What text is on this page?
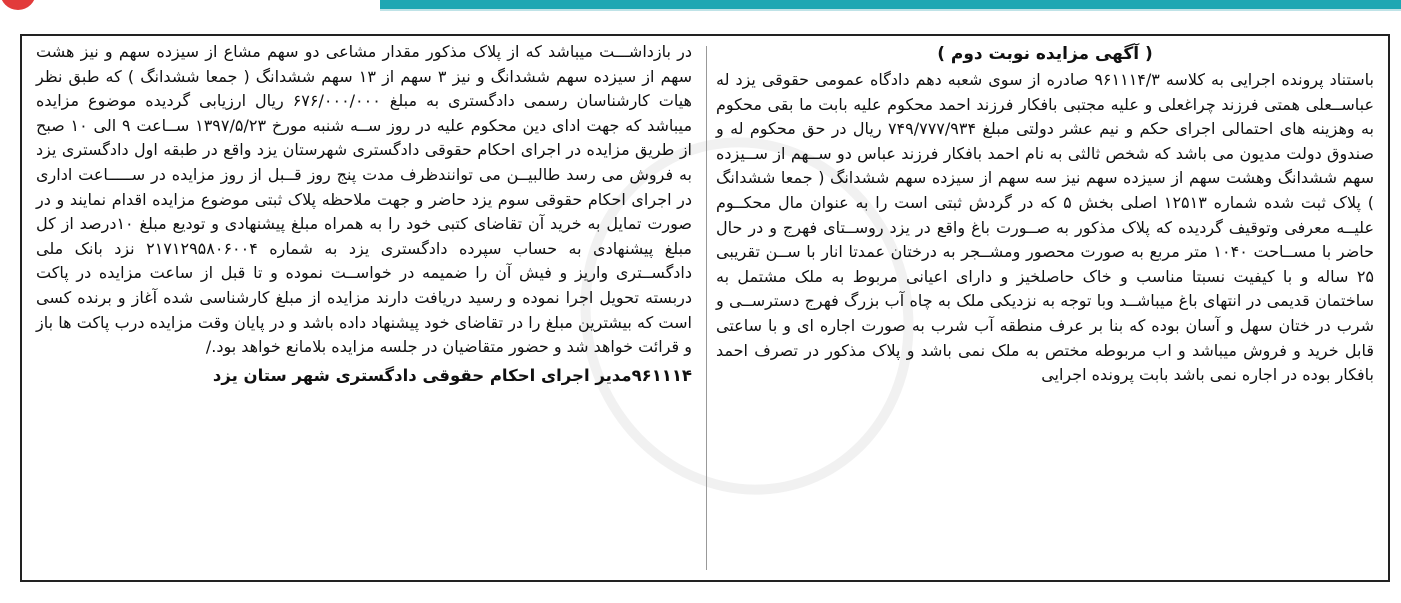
( آگهی مزایده نوبت دوم )

باستناد پرونده اجرایی به کلاسه ۹۶۱۱۱۴/۳ صادره از سوی شعبه دهم دادگاه عمومی حقوقی یزد له عباســعلی همتی فرزند چراغعلی و علیه مجتبی بافکار فرزند احمد محکوم علیه بابت ما بقی محکوم به وهزینه های احتمالی اجرای حکم و نیم عشر دولتی مبلغ ۷۴۹/۷۷۷/۹۳۴ ریال در حق محکوم له و صندوق دولت مدیون می باشد که شخص ثالثی به نام احمد بافکار فرزند عباس دو ســهم از ســیزده سهم ششدانگ وهشت سهم از سیزده سهم نیز سه سهم از سیزده سهم ششدانگ ( جمعا ششدانگ ) پلاک ثبت شده شماره ۱۲۵۱۳ اصلی بخش ۵ که در گردش ثبتی است را به عنوان مال محکــوم علیــه معرفی وتوقیف گردیده که پلاک مذکور به صــورت باغ واقع در یزد روســتای فهرج و در حال حاضر با مســاحت ۱۰۴۰ متر مربع به صورت محصور ومشــجر به درختان عمدتا انار با ســن تقریبی ۲۵ ساله و با کیفیت نسبتا مناسب و خاک حاصلخیز و دارای اعیانی مربوط به ملک مشتمل به ساختمان قدیمی در انتهای باغ میباشــد وبا توجه به نزدیکی ملک به چاه آب بزرگ فهرج دسترســی و شرب در ختان سهل و آسان بوده که بنا بر عرف منطقه آب شرب به صورت اجاره ای و با ساعتی قابل خرید و فروش میباشد و اب مربوطه مختص به ملک نمی باشد و پلاک مذکور در تصرف احمد بافکار بوده در اجاره نمی باشد بابت پرونده اجرایی

در بازداشـــت میباشد که از پلاک مذکور مقدار مشاعی دو سهم مشاع از سیزده سهم و نیز هشت سهم از سیزده سهم ششدانگ و نیز ۳ سهم از ۱۳ سهم ششدانگ ( جمعا ششدانگ ) که طبق نظر هیات کارشناسان رسمی دادگستری به مبلغ ۶۷۶/۰۰۰/۰۰۰ ریال ارزیابی گردیده موضوع مزایده میباشد که جهت ادای دین محکوم علیه در روز ســه شنبه مورخ ۱۳۹۷/۵/۲۳ ســاعت ۹ الی ۱۰ صبح از طریق مزایده در اجرای احکام حقوقی دادگستری شهرستان یزد واقع در طبقه اول دادگستری یزد به فروش می رسد طالبیــن می توانندظرف مدت پنج روز قــبل از روز مزایده در ســـــاعت اداری در اجرای احکام حقوقی سوم یزد حاضر و جهت ملاحظه پلاک ثبتی موضوع مزایده اقدام نمایند و در صورت تمایل به خرید آن تقاضای کتبی خود را به همراه مبلغ پیشنهادی و توديع مبلغ ۱۰درصد از کل مبلغ پیشنهادی به حساب سپرده دادگستری یزد به شماره ۲۱۷۱۲۹۵۸۰۶۰۰۴ نزد بانک ملی دادگســتری واریز و فیش آن را ضمیمه در خواســت نموده و تا قبل از ساعت مزایده در پاکت دربسته تحویل اجرا نموده و رسید دریافت دارند مزایده از مبلغ کارشناسی شده آغاز و برنده کسی است که بیشترین مبلغ را در تقاضای خود پیشنهاد داده باشد و در پایان وقت مزایده درب پاکت ها باز و قرائت خواهد شد و حضور متقاضیان در جلسه مزایده بلامانع خواهد بود./

۹۶۱۱۱۴مدیر اجرای احکام حقوقی دادگستری شهر ستان یزد
